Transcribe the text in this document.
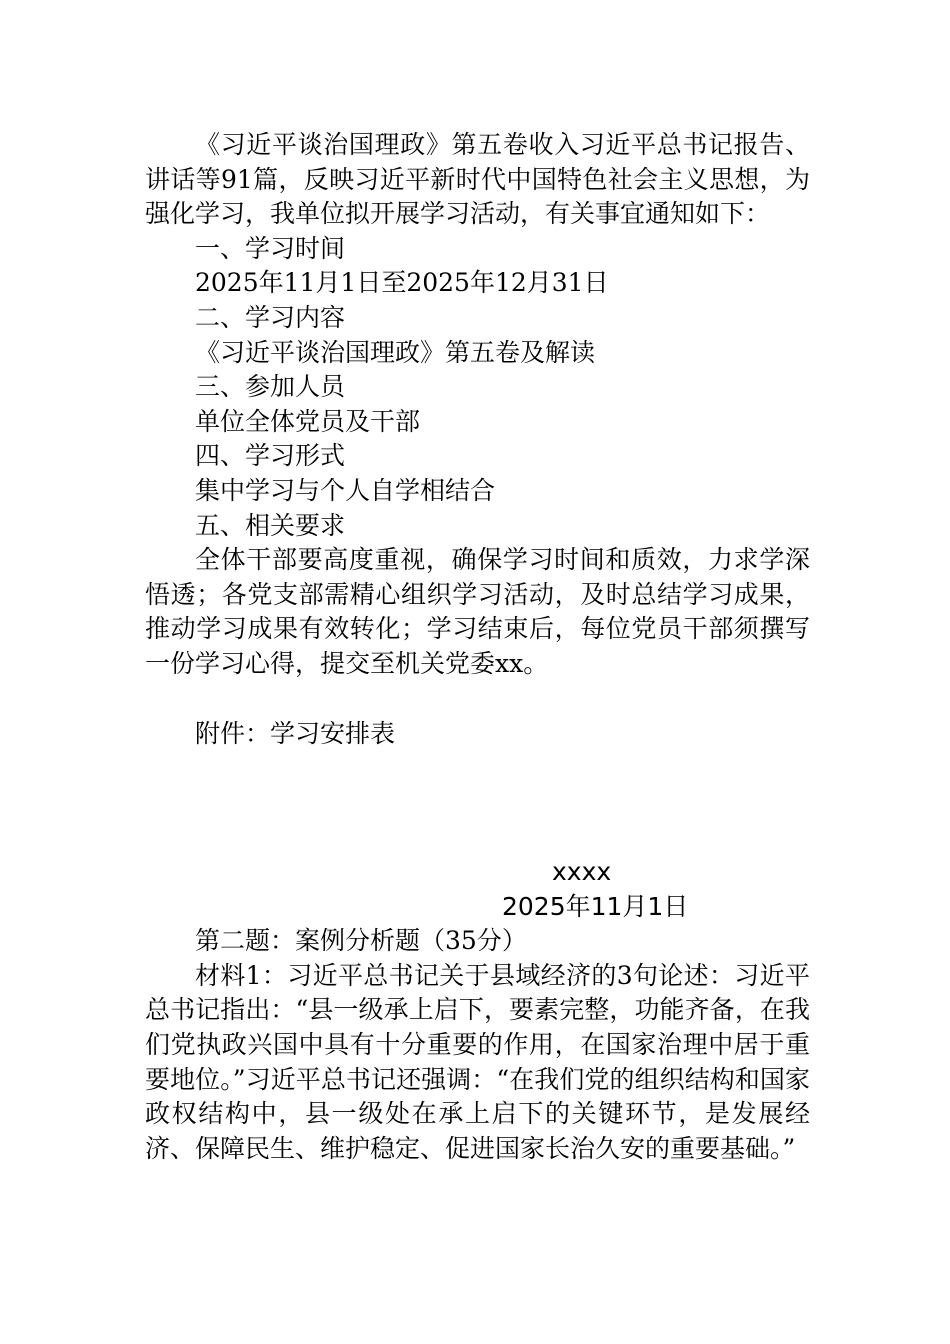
《习近平谈治国理政》第五卷收入习近平总书记报告、讲话等91篇，反映习近平新时代中国特色社会主义思想，为强化学习，我单位拟开展学习活动，有关事宜通知如下：

一、学习时间

2025年11月1日至2025年12月31日

二、学习内容

《习近平谈治国理政》第五卷及解读

三、参加人员

单位全体党员及干部

四、学习形式

集中学习与个人自学相结合

五、相关要求

全体干部要高度重视，确保学习时间和质效，力求学深悟透；各党支部需精心组织学习活动，及时总结学习成果，推动学习成果有效转化；学习结束后，每位党员干部须撰写一份学习心得，提交至机关党委xx。

附件：学习安排表

xxxx

2025年11月1日

第二题：案例分析题（35分）

材料1：习近平总书记关于县域经济的3句论述：习近平总书记指出：“县一级承上启下，要素完整，功能齐备，在我们党执政兴国中具有十分重要的作用，在国家治理中居于重要地位。”习近平总书记还强调：“在我们党的组织结构和国家政权结构中，县一级处在承上启下的关键环节，是发展经济、保障民生、维护稳定、促进国家长治久安的重要基础。”
